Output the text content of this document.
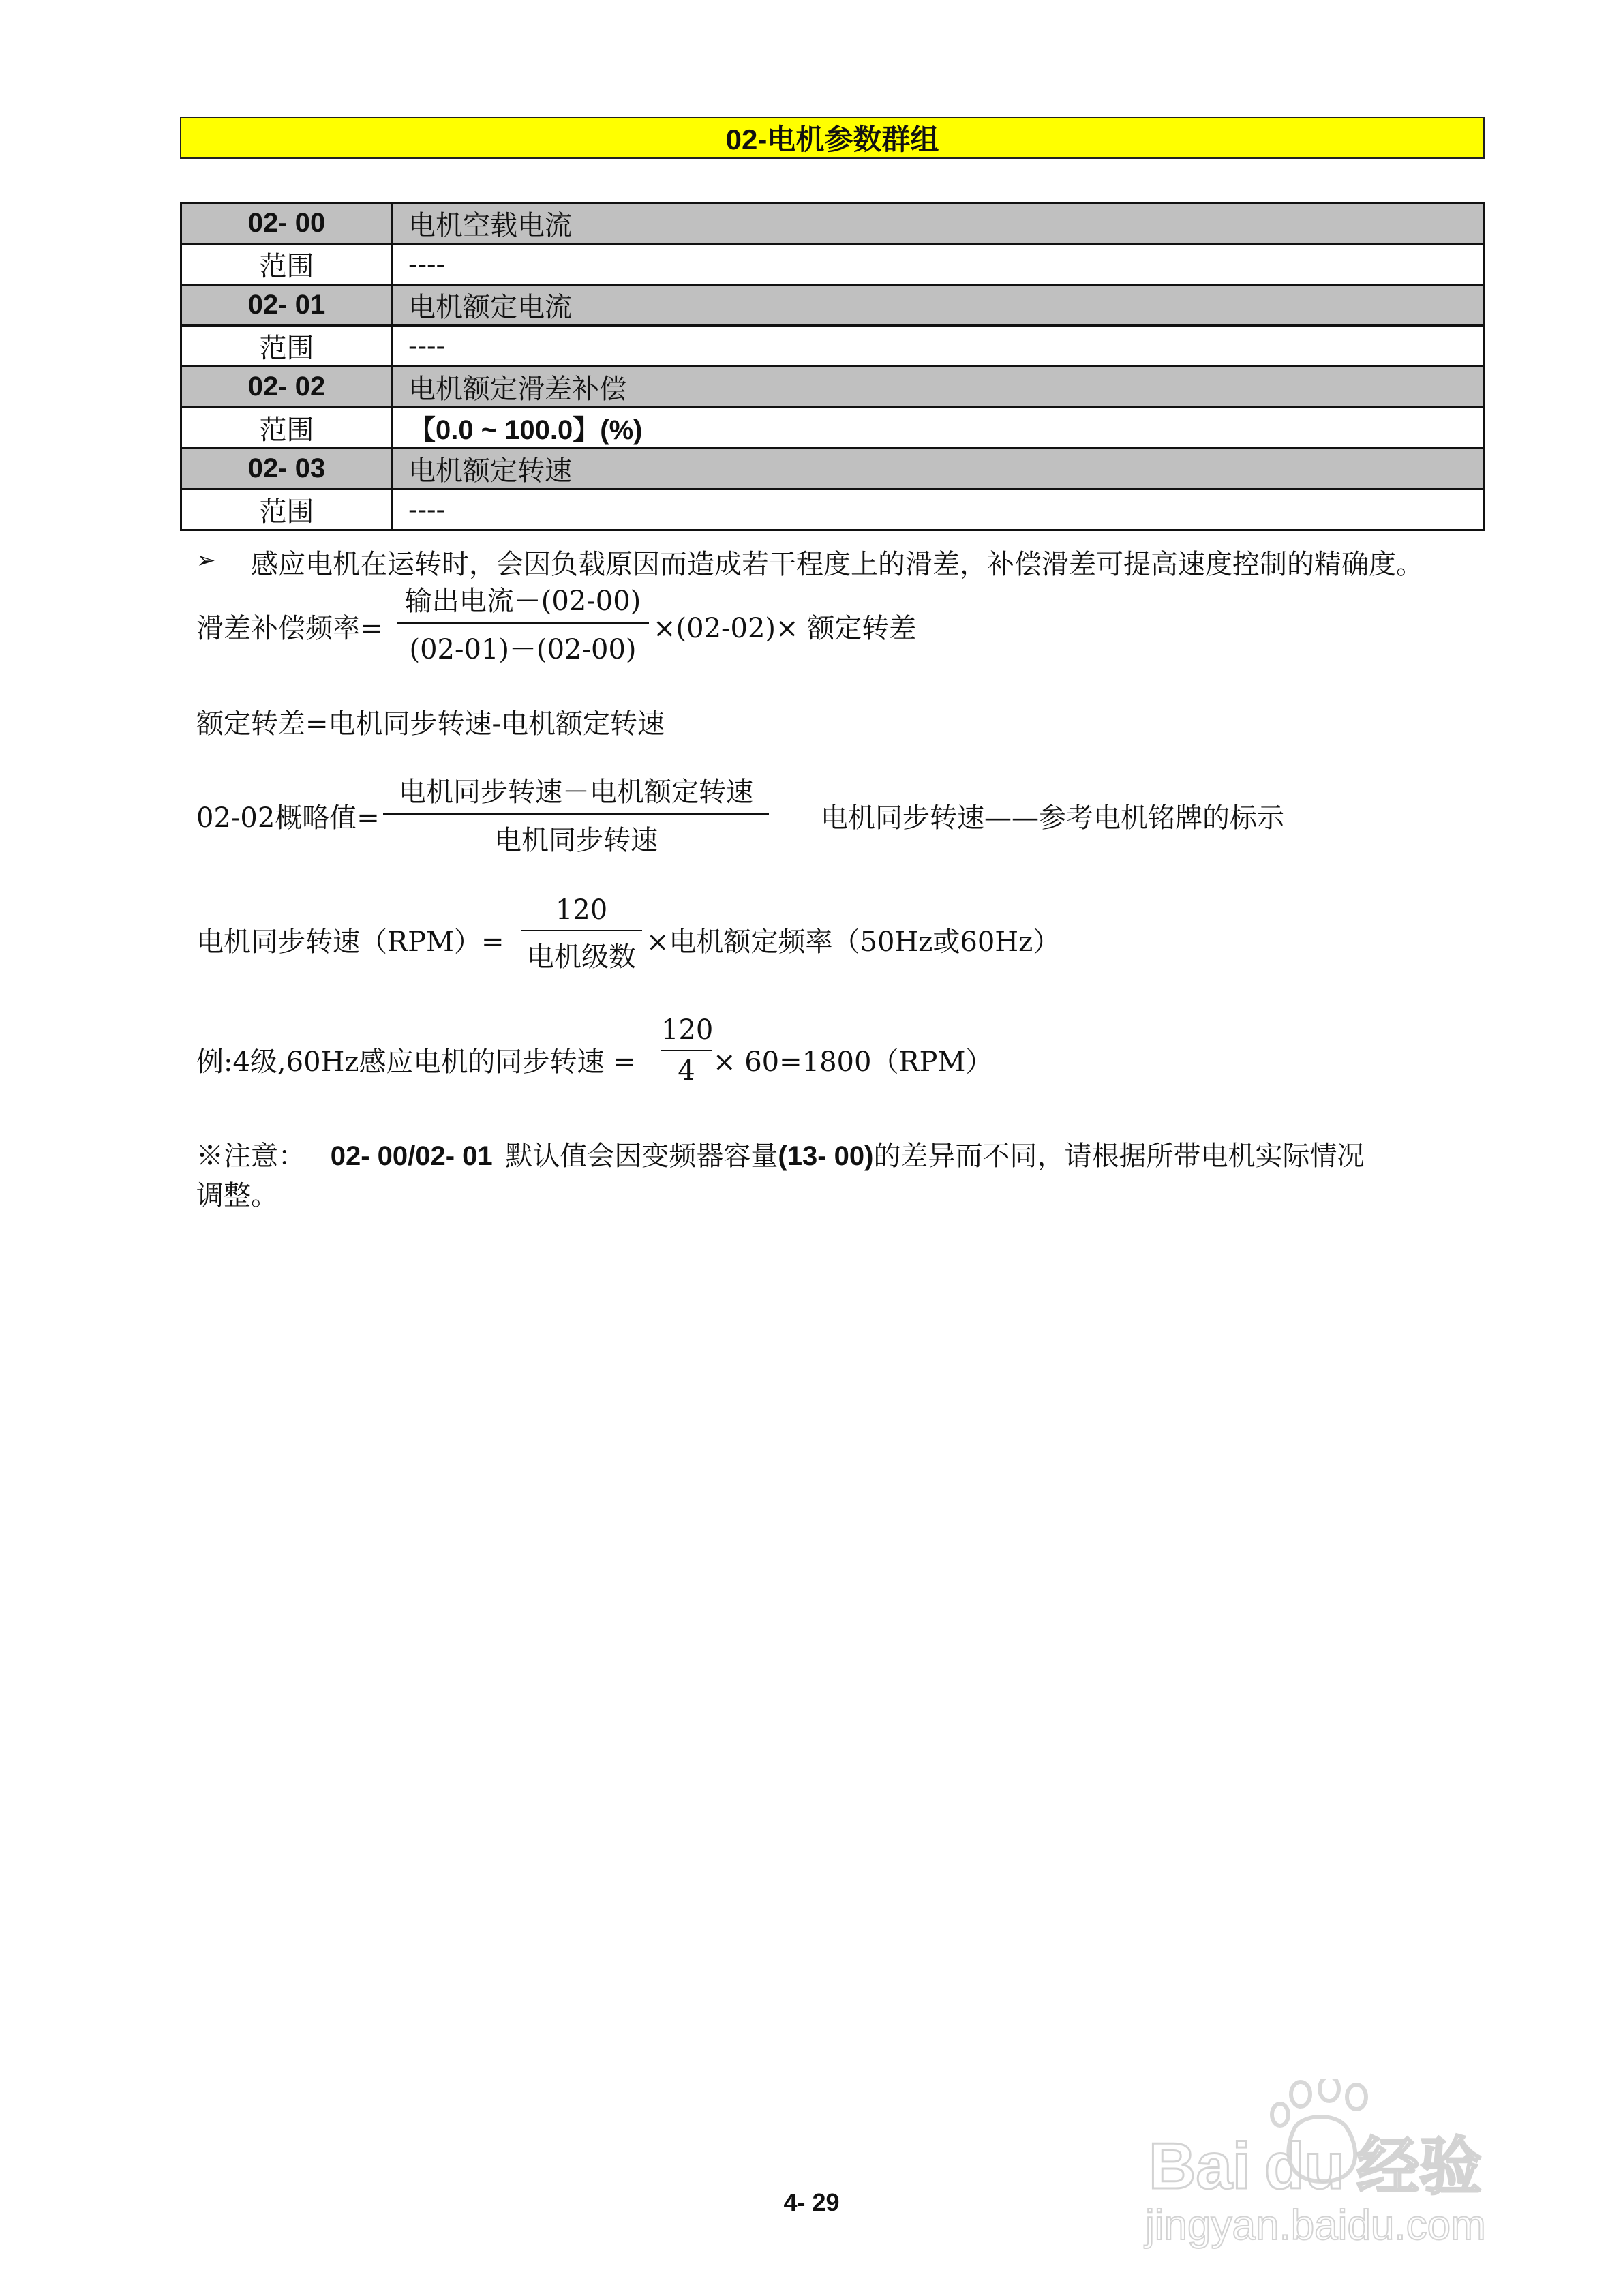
02-电机参数群组
02- 00	电机空载电流
范围	----
02- 01	电机额定电流
范围	----
02- 02	电机额定滑差补偿
范围	【0.0 ~ 100.0】(%)
02- 03	电机额定转速
范围	----
➢ 感应电机在运转时，会因负载原因而造成若干程度上的滑差，补偿滑差可提高速度控制的精确度。
滑差补偿频率=
输出电流－(02-00)
(02-01)－(02-00)
×(02-02)× 额定转差
额定转差=电机同步转速-电机额定转速
02-02概略值=
电机同步转速－电机额定转速
电机同步转速
电机同步转速——参考电机铭牌的标示
电机同步转速（RPM）=
120
电机级数 ×电机额定频率（50Hz或60Hz）
例:4级,60Hz感应电机的同步转速 = $\frac{120}{4} \times 60=1800(RPM)$
※注意： 02- 00/02- 01 默认值会因变频器容量(13- 00)的差异而不同，请根据所带电机实际情况
调整。
4- 29	Bai du 经验
jingyan.baidu.com
